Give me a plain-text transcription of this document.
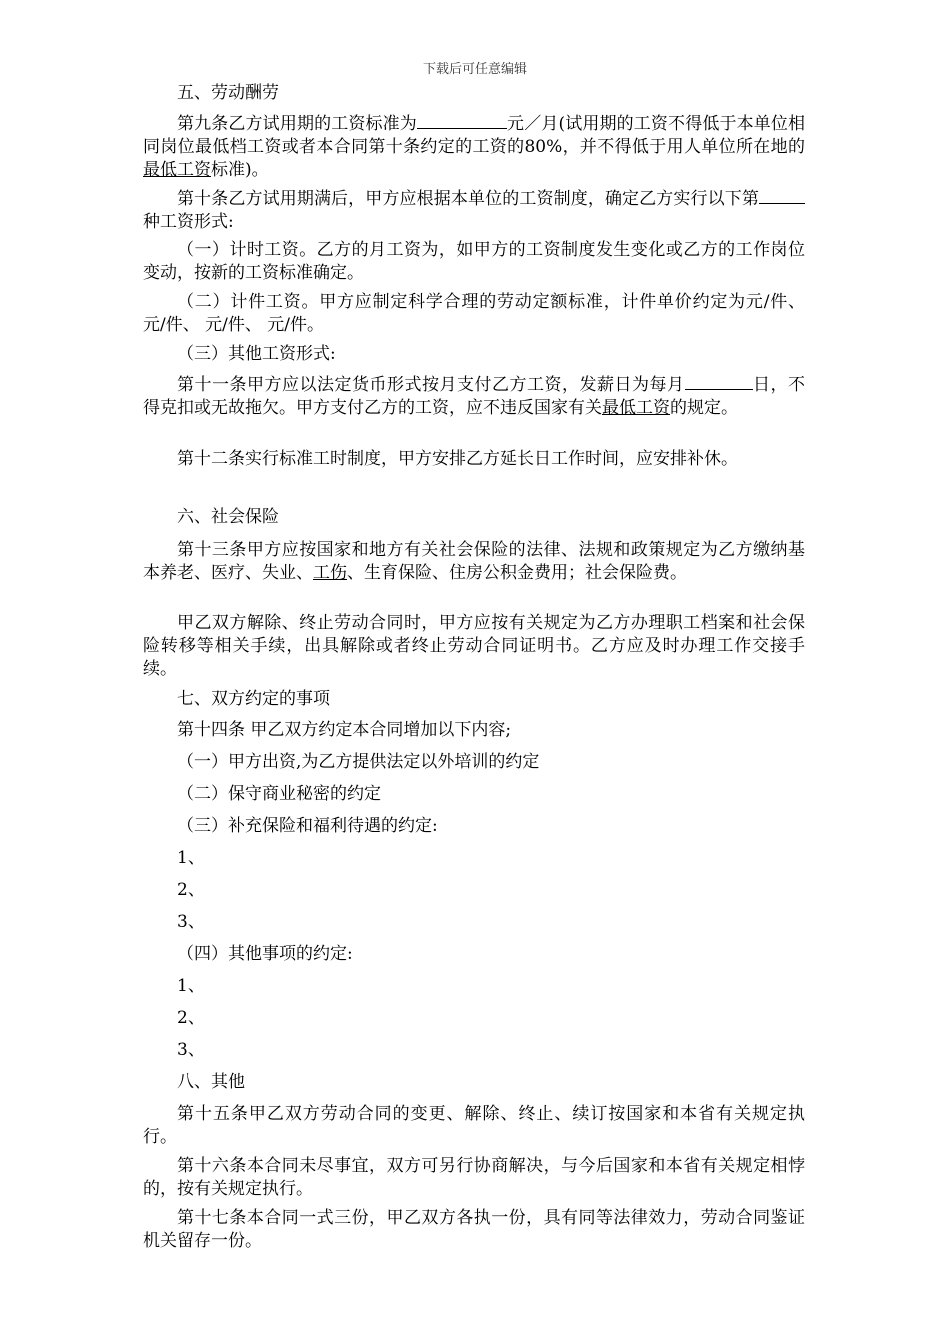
下载后可任意编辑

五、劳动酬劳

第九条乙方试用期的工资标准为	元／月(试用期的工资不得低于本单位相同岗位最低档工资或者本合同第十条约定的工资的80%，并不得低于用人单位所在地的最低工资标准)。

第十条乙方试用期满后，甲方应根据本单位的工资制度，确定乙方实行以下第种工资形式:

（一）计时工资。乙方的月工资为，如甲方的工资制度发生变化或乙方的工作岗位变动，按新的工资标准确定。

（二）计件工资。甲方应制定科学合理的劳动定额标准，计件单价约定为元/件、 元/件、 元/件、 元/件。

（三）其他工资形式:

第十一条甲方应以法定货币形式按月支付乙方工资，发薪日为每月	日，不得克扣或无故拖欠。甲方支付乙方的工资，应不违反国家有关最低工资的规定。

第十二条实行标准工时制度，甲方安排乙方延长日工作时间，应安排补休。

六、社会保险

第十三条甲方应按国家和地方有关社会保险的法律、法规和政策规定为乙方缴纳基本养老、医疗、失业、工伤、生育保险、住房公积金费用；社会保险费。

甲乙双方解除、终止劳动合同时，甲方应按有关规定为乙方办理职工档案和社会保险转移等相关手续，出具解除或者终止劳动合同证明书。乙方应及时办理工作交接手续。

七、双方约定的事项

第十四条 甲乙双方约定本合同增加以下内容;

（一）甲方出资,为乙方提供法定以外培训的约定

（二）保守商业秘密的约定

（三）补充保险和福利待遇的约定:

1、

2、

3、

（四）其他事项的约定:

1、

2、

3、

八、其他

第十五条甲乙双方劳动合同的变更、解除、终止、续订按国家和本省有关规定执行。

第十六条本合同未尽事宜，双方可另行协商解决，与今后国家和本省有关规定相悖的，按有关规定执行。

第十七条本合同一式三份，甲乙双方各执一份，具有同等法律效力，劳动合同鉴证机关留存一份。
